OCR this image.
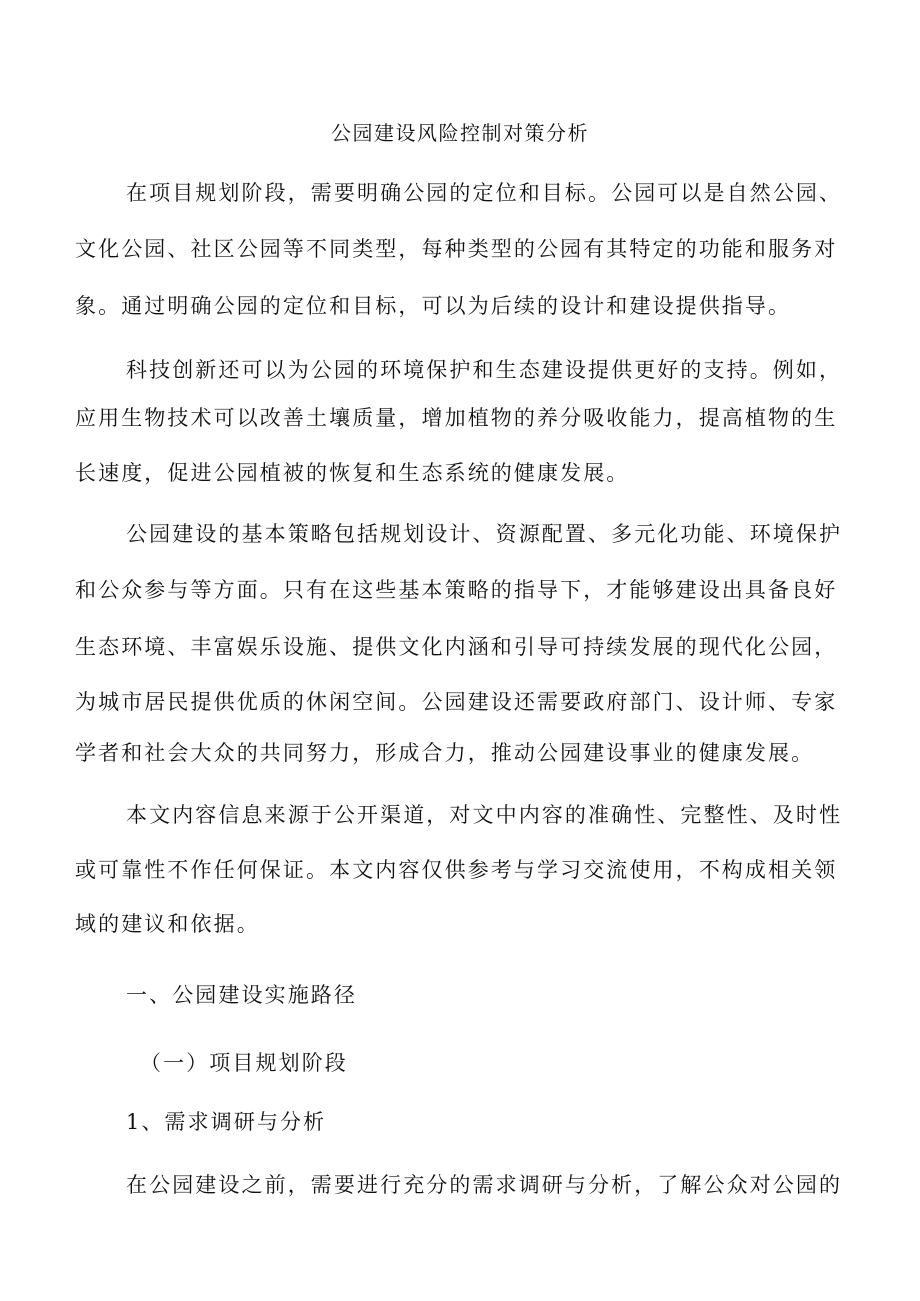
公园建设风险控制对策分析
在项目规划阶段，需要明确公园的定位和目标。公园可以是自然公园、
文化公园、社区公园等不同类型，每种类型的公园有其特定的功能和服务对
象。通过明确公园的定位和目标，可以为后续的设计和建设提供指导。
科技创新还可以为公园的环境保护和生态建设提供更好的支持。例如，
应用生物技术可以改善土壤质量，增加植物的养分吸收能力，提高植物的生
长速度，促进公园植被的恢复和生态系统的健康发展。
公园建设的基本策略包括规划设计、资源配置、多元化功能、环境保护
和公众参与等方面。只有在这些基本策略的指导下，才能够建设出具备良好
生态环境、丰富娱乐设施、提供文化内涵和引导可持续发展的现代化公园，
为城市居民提供优质的休闲空间。公园建设还需要政府部门、设计师、专家
学者和社会大众的共同努力，形成合力，推动公园建设事业的健康发展。
本文内容信息来源于公开渠道，对文中内容的准确性、完整性、及时性
或可靠性不作任何保证。本文内容仅供参考与学习交流使用，不构成相关领
域的建议和依据。
一、公园建设实施路径
（一）项目规划阶段
1、需求调研与分析
在公园建设之前，需要进行充分的需求调研与分析，了解公众对公园的
